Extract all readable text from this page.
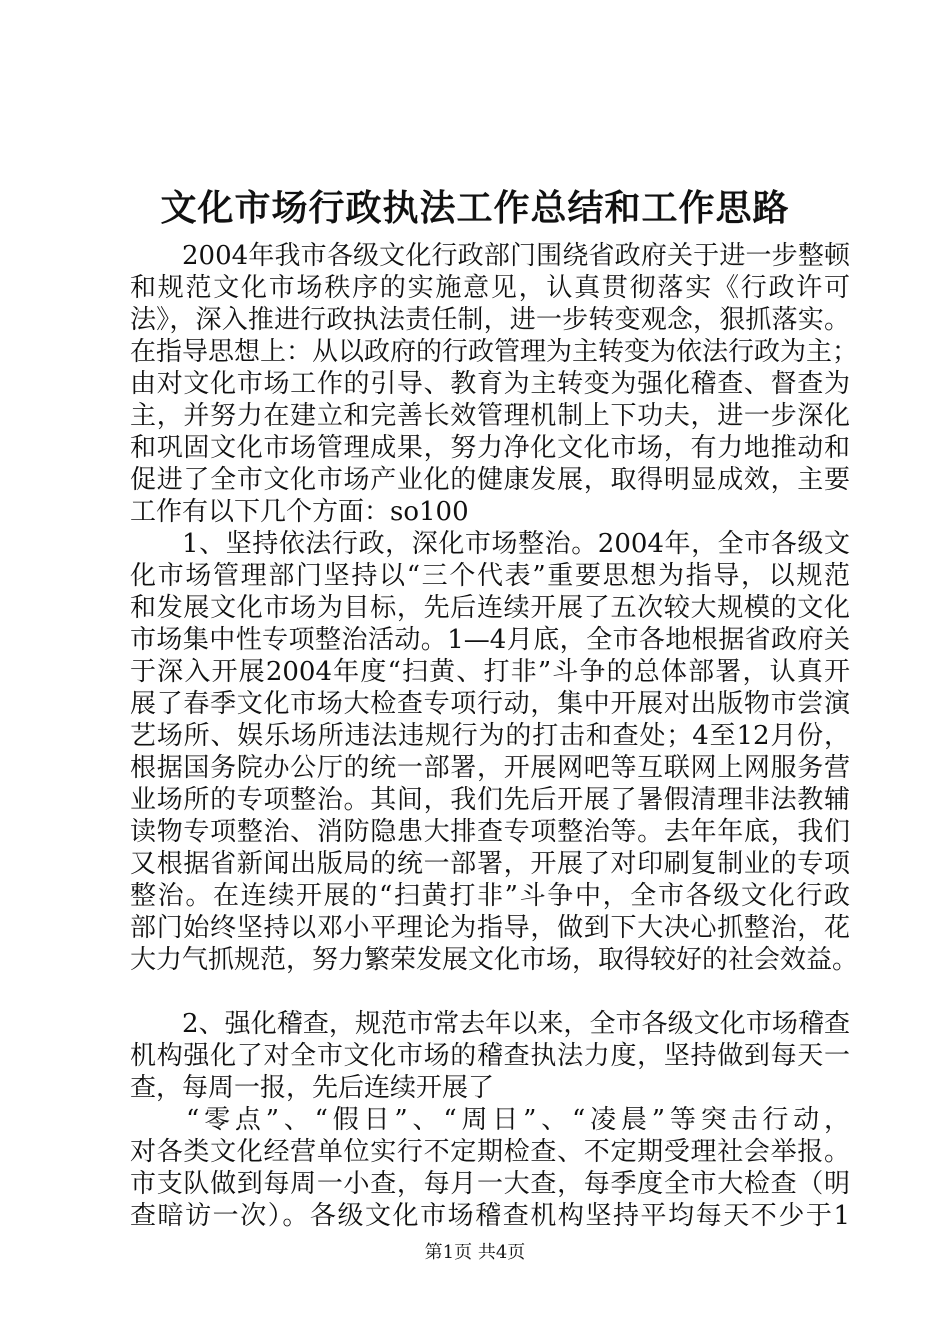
文化市场行政执法工作总结和工作思路
2004年我市各级文化行政部门围绕省政府关于进一步整顿
和规范文化市场秩序的实施意见，认真贯彻落实《行政许可
法》，深入推进行政执法责任制，进一步转变观念，狠抓落实。
在指导思想上：从以政府的行政管理为主转变为依法行政为主；
由对文化市场工作的引导、教育为主转变为强化稽查、督查为
主，并努力在建立和完善长效管理机制上下功夫，进一步深化
和巩固文化市场管理成果，努力净化文化市场，有力地推动和
促进了全市文化市场产业化的健康发展，取得明显成效，主要
工作有以下几个方面：so100
1、坚持依法行政，深化市场整治。2004年，全市各级文
化市场管理部门坚持以“三个代表”重要思想为指导，以规范
和发展文化市场为目标，先后连续开展了五次较大规模的文化
市场集中性专项整治活动。1—4月底，全市各地根据省政府关
于深入开展2004年度“扫黄、打非”斗争的总体部署，认真开
展了春季文化市场大检查专项行动，集中开展对出版物市尝演
艺场所、娱乐场所违法违规行为的打击和查处；4至12月份，
根据国务院办公厅的统一部署，开展网吧等互联网上网服务营
业场所的专项整治。其间，我们先后开展了暑假清理非法教辅
读物专项整治、消防隐患大排查专项整治等。去年年底，我们
又根据省新闻出版局的统一部署，开展了对印刷复制业的专项
整治。在连续开展的“扫黄打非”斗争中，全市各级文化行政
部门始终坚持以邓小平理论为指导，做到下大决心抓整治，花
大力气抓规范，努力繁荣发展文化市场，取得较好的社会效益。
2、强化稽查，规范市常去年以来，全市各级文化市场稽查
机构强化了对全市文化市场的稽查执法力度，坚持做到每天一
查，每周一报，先后连续开展了
“零点”、“假日”、“周日”、“凌晨”等突击行动，
对各类文化经营单位实行不定期检查、不定期受理社会举报。
市支队做到每周一小查，每月一大查，每季度全市大检查（明
查暗访一次）。各级文化市场稽查机构坚持平均每天不少于1
第1页 共4页
